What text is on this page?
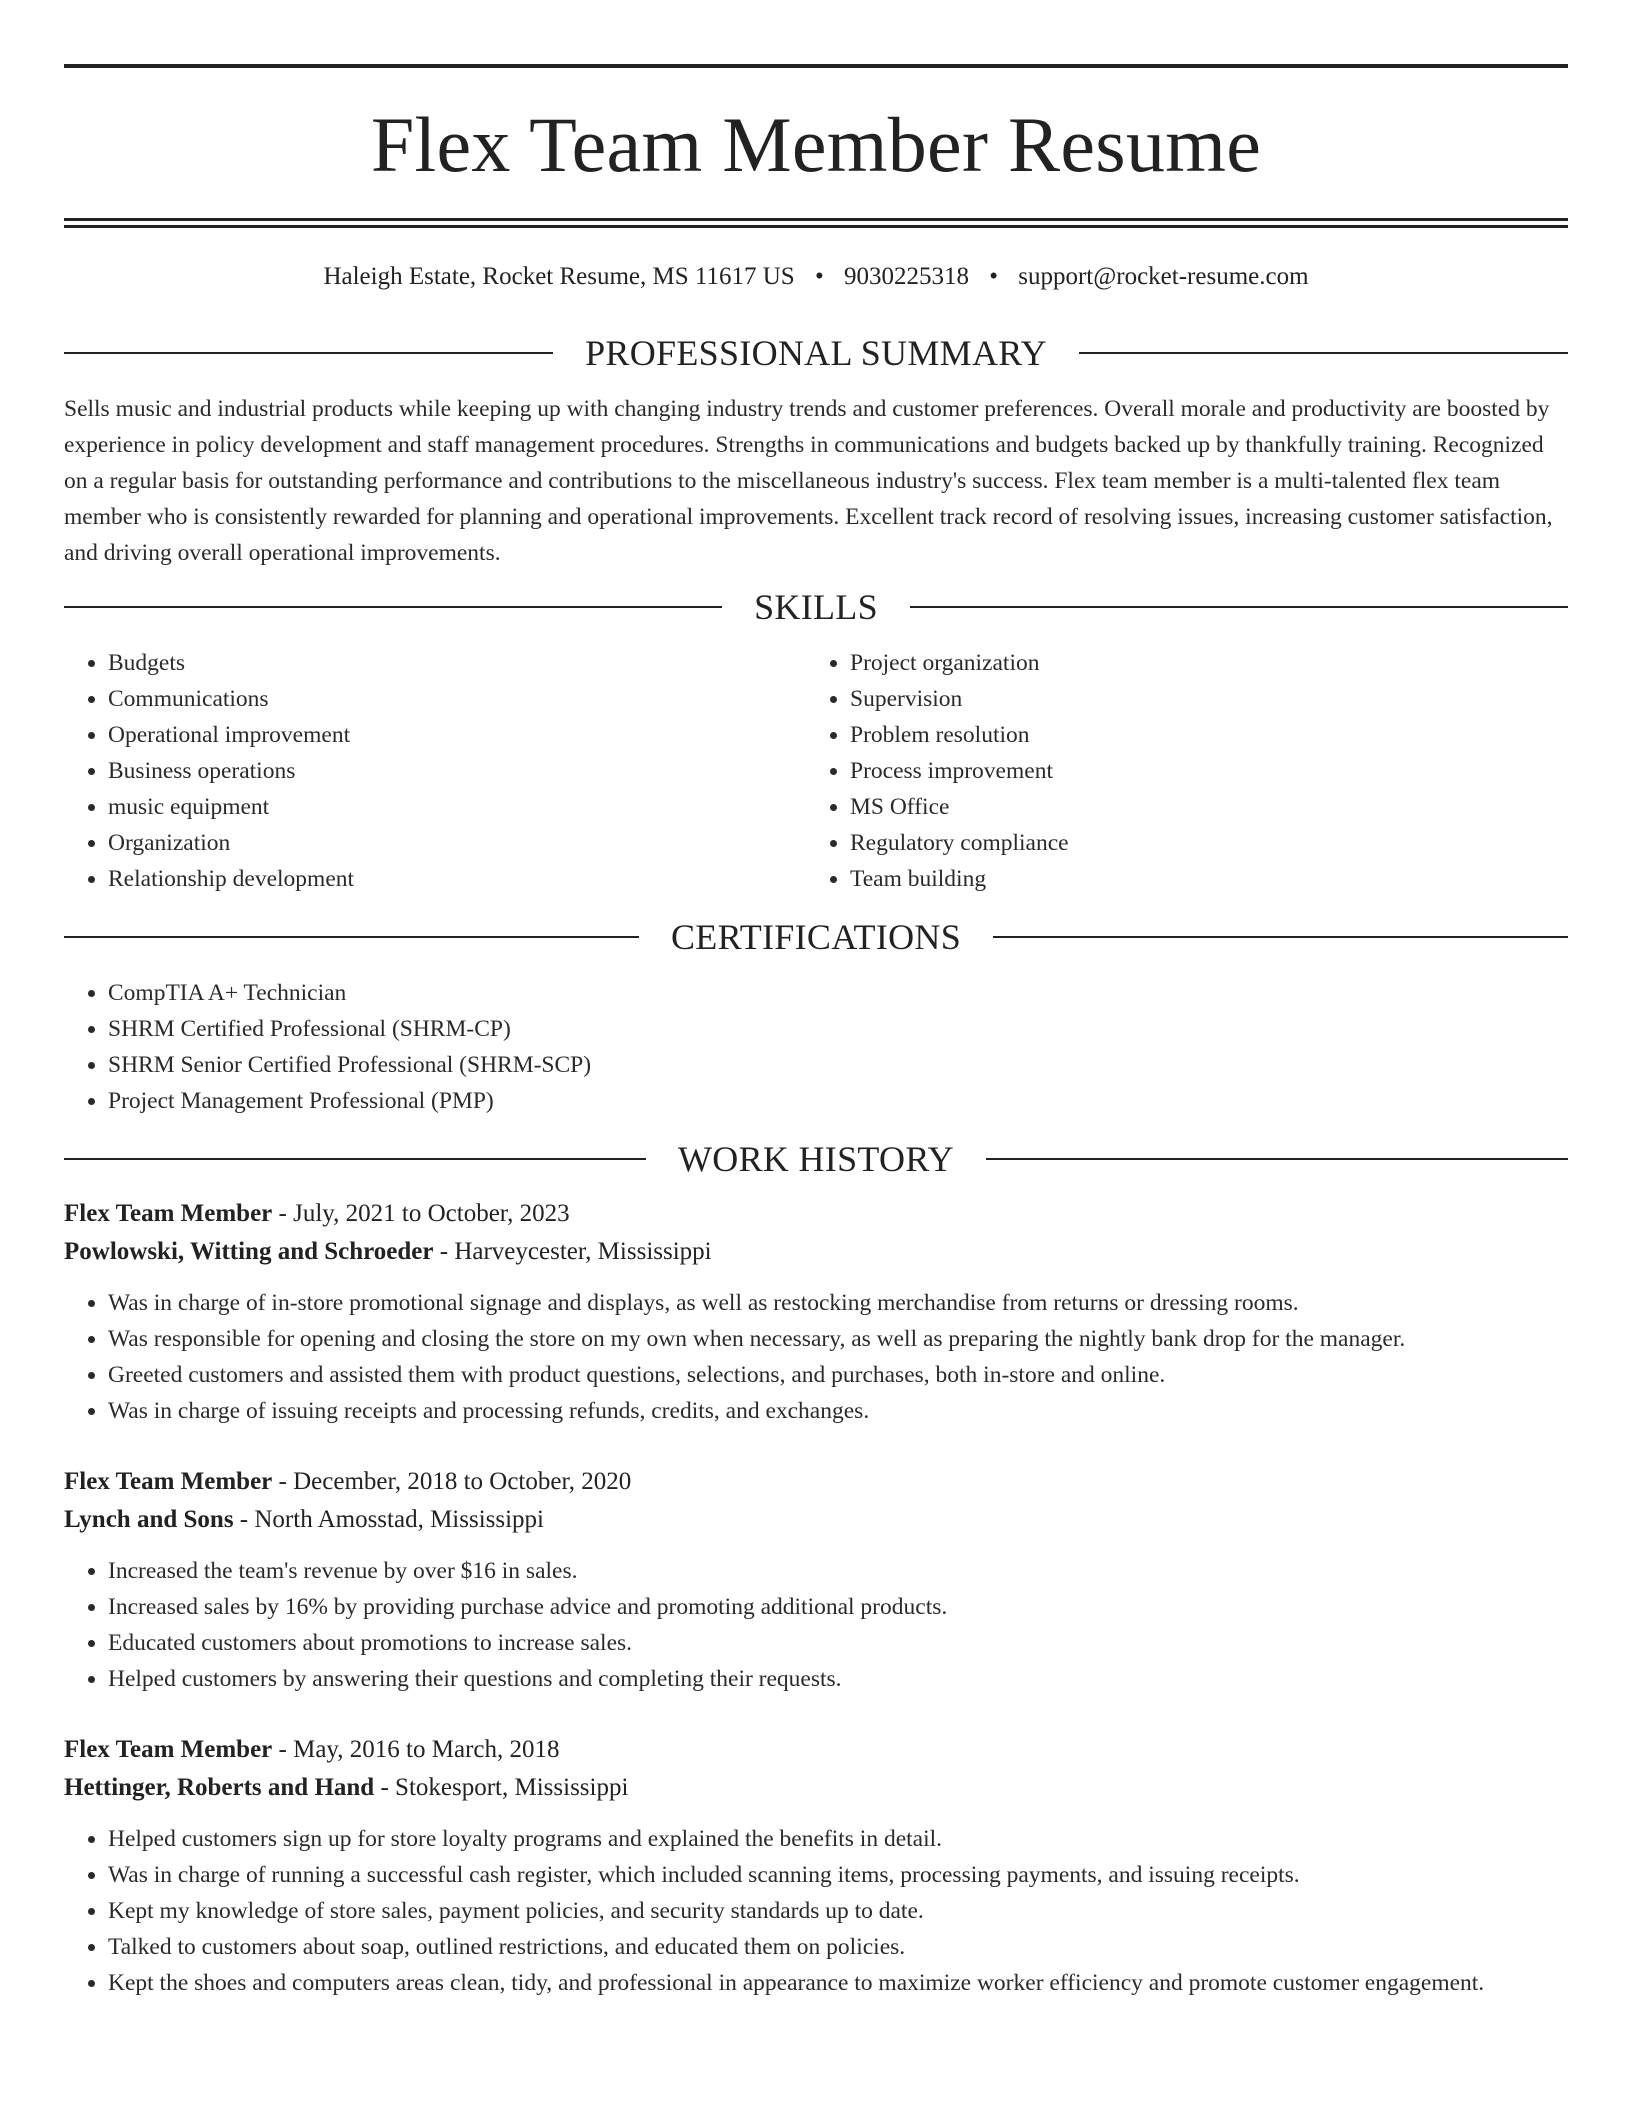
Flex Team Member Resume
Haleigh Estate, Rocket Resume, MS 11617 US • 9030225318 • support@rocket-resume.com
PROFESSIONAL SUMMARY

Sells music and industrial products while keeping up with changing industry trends and customer preferences. Overall morale and productivity are boosted by experience in policy development and staff management procedures. Strengths in communications and budgets backed up by thankfully training. Recognized on a regular basis for outstanding performance and contributions to the miscellaneous industry's success. Flex team member is a multi-talented flex team member who is consistently rewarded for planning and operational improvements. Excellent track record of resolving issues, increasing customer satisfaction, and driving overall operational improvements.

SKILLS
• Budgets
• Communications
• Operational improvement
• Business operations
• music equipment
• Organization
• Relationship development
• Project organization
• Supervision
• Problem resolution
• Process improvement
• MS Office
• Regulatory compliance
• Team building
CERTIFICATIONS
• CompTIA A+ Technician
• SHRM Certified Professional (SHRM-CP)
• SHRM Senior Certified Professional (SHRM-SCP)
• Project Management Professional (PMP)
WORK HISTORY
Flex Team Member - July, 2021 to October, 2023
Powlowski, Witting and Schroeder - Harveycester, Mississippi
• Was in charge of in-store promotional signage and displays, as well as restocking merchandise from returns or dressing rooms.
• Was responsible for opening and closing the store on my own when necessary, as well as preparing the nightly bank drop for the manager.
• Greeted customers and assisted them with product questions, selections, and purchases, both in-store and online.
• Was in charge of issuing receipts and processing refunds, credits, and exchanges.
Flex Team Member - December, 2018 to October, 2020
Lynch and Sons - North Amosstad, Mississippi
• Increased the team's revenue by over $16 in sales.
• Increased sales by 16% by providing purchase advice and promoting additional products.
• Educated customers about promotions to increase sales.
• Helped customers by answering their questions and completing their requests.
Flex Team Member - May, 2016 to March, 2018
Hettinger, Roberts and Hand - Stokesport, Mississippi
• Helped customers sign up for store loyalty programs and explained the benefits in detail.
• Was in charge of running a successful cash register, which included scanning items, processing payments, and issuing receipts.
• Kept my knowledge of store sales, payment policies, and security standards up to date.
• Talked to customers about soap, outlined restrictions, and educated them on policies.
• Kept the shoes and computers areas clean, tidy, and professional in appearance to maximize worker efficiency and promote customer engagement.
